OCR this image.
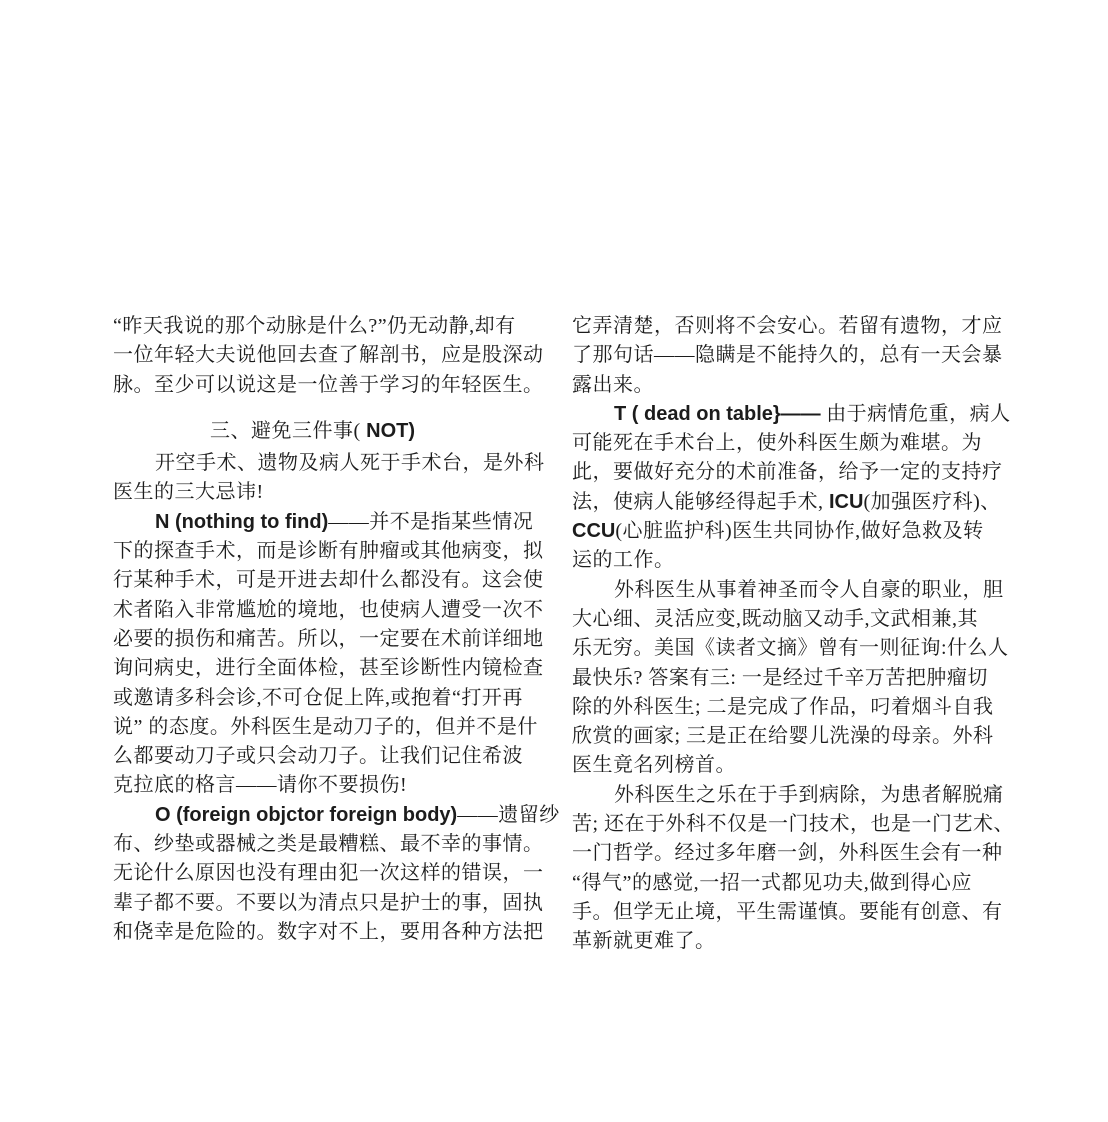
“昨天我说的那个动脉是什么?”仍无动静,却有
一位年轻大夫说他回去查了解剖书，应是股深动
脉。至少可以说这是一位善于学习的年轻医生。
三、避免三件事( NOT)
开空手术、遗物及病人死于手术台，是外科
医生的三大忌讳!
N (nothing to find)——并不是指某些情况
下的探查手术，而是诊断有肿瘤或其他病变，拟
行某种手术，可是开进去却什么都没有。这会使
术者陷入非常尴尬的境地，也使病人遭受一次不
必要的损伤和痛苦。所以，一定要在术前详细地
询问病史，进行全面体检，甚至诊断性内镜检查
或邀请多科会诊,不可仓促上阵,或抱着“打开再
说” 的态度。外科医生是动刀子的，但并不是什
么都要动刀子或只会动刀子。让我们记住希波
克拉底的格言——请你不要损伤!
O (foreign objctor foreign body)——遗留纱
布、纱垫或器械之类是最糟糕、最不幸的事情。
无论什么原因也没有理由犯一次这样的错误，一
辈子都不要。不要以为清点只是护士的事，固执
和侥幸是危险的。数字对不上，要用各种方法把
它弄清楚，否则将不会安心。若留有遗物，才应
了那句话——隐瞒是不能持久的，总有一天会暴
露出来。
T ( dead on table}—— 由于病情危重，病人
可能死在手术台上，使外科医生颇为难堪。为
此，要做好充分的术前准备，给予一定的支持疗
法，使病人能够经得起手术, ICU(加强医疗科)、
CCU(心脏监护科)医生共同协作,做好急救及转
运的工作。
外科医生从事着神圣而令人自豪的职业，胆
大心细、灵活应变,既动脑又动手,文武相兼,其
乐无穷。美国《读者文摘》曾有一则征询:什么人
最快乐? 答案有三: 一是经过千辛万苦把肿瘤切
除的外科医生; 二是完成了作品，叼着烟斗自我
欣赏的画家; 三是正在给婴儿洗澡的母亲。外科
医生竟名列榜首。
外科医生之乐在于手到病除，为患者解脱痛
苦; 还在于外科不仅是一门技术，也是一门艺术、
一门哲学。经过多年磨一剑，外科医生会有一种
“得气”的感觉,一招一式都见功夫,做到得心应
手。但学无止境，平生需谨慎。要能有创意、有
革新就更难了。
